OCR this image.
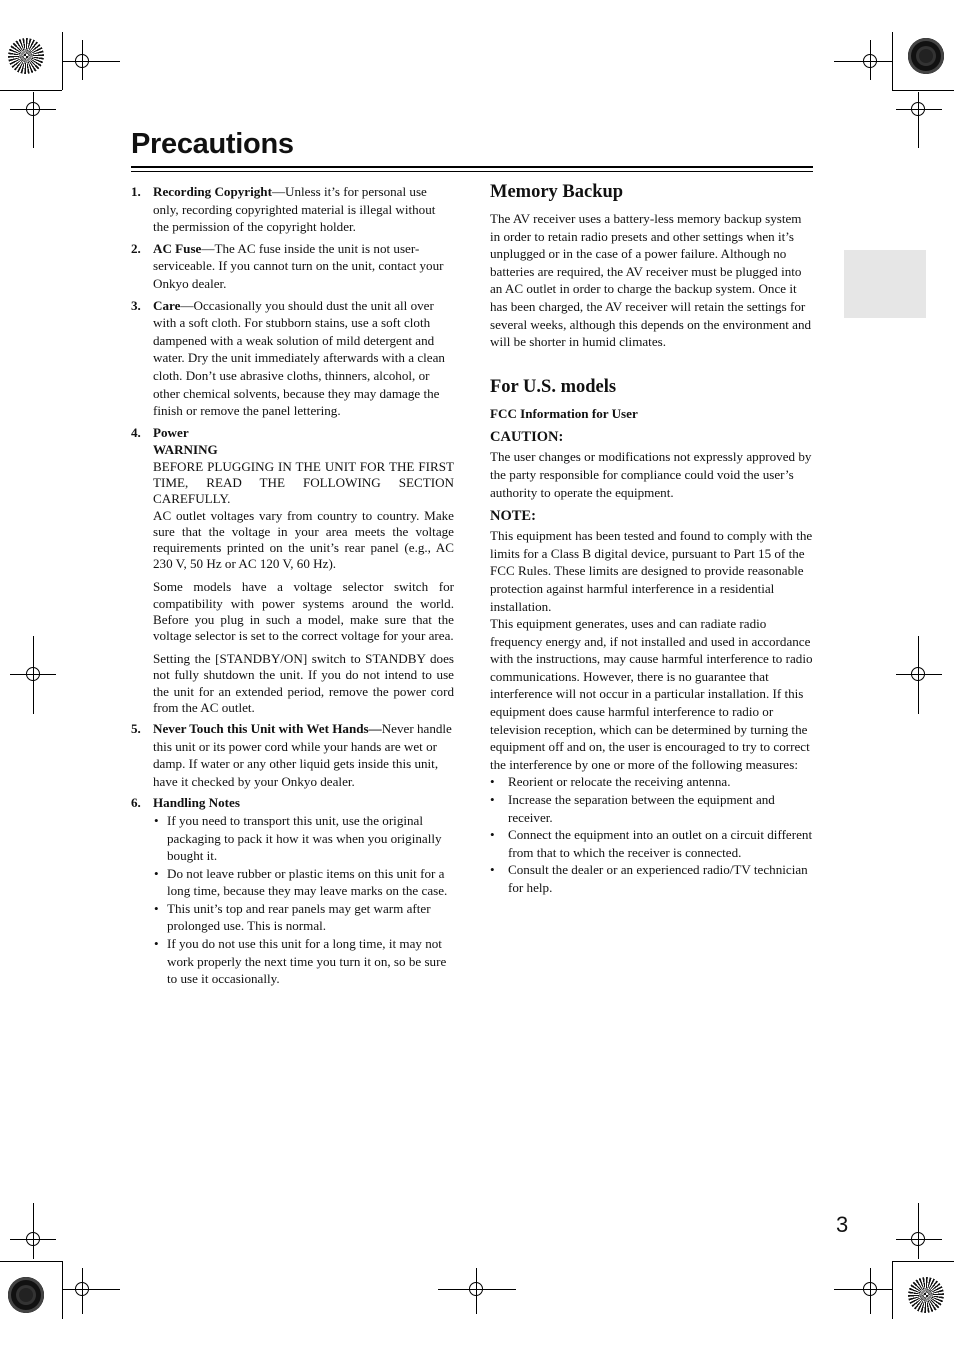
Precautions
1. Recording Copyright—Unless it’s for personal use only, recording copyrighted material is illegal without the permission of the copyright holder.
2. AC Fuse—The AC fuse inside the unit is not user-serviceable. If you cannot turn on the unit, contact your Onkyo dealer.
3. Care—Occasionally you should dust the unit all over with a soft cloth. For stubborn stains, use a soft cloth dampened with a weak solution of mild detergent and water. Dry the unit immediately afterwards with a clean cloth. Don’t use abrasive cloths, thinners, alcohol, or other chemical solvents, because they may damage the finish or remove the panel lettering.
4. Power
WARNING

BEFORE PLUGGING IN THE UNIT FOR THE FIRST TIME, READ THE FOLLOWING SECTION CAREFULLY.

AC outlet voltages vary from country to country. Make sure that the voltage in your area meets the voltage requirements printed on the unit’s rear panel (e.g., AC 230 V, 50 Hz or AC 120 V, 60 Hz).

Some models have a voltage selector switch for compatibility with power systems around the world. Before you plug in such a model, make sure that the voltage selector is set to the correct voltage for your area.

Setting the [STANDBY/ON] switch to STANDBY does not fully shutdown the unit. If you do not intend to use the unit for an extended period, remove the power cord from the AC outlet.

5. Never Touch this Unit with Wet Hands—Never handle this unit or its power cord while your hands are wet or damp. If water or any other liquid gets inside this unit, have it checked by your Onkyo dealer.
6. Handling Notes
• If you need to transport this unit, use the original packaging to pack it how it was when you originally bought it.
• Do not leave rubber or plastic items on this unit for a long time, because they may leave marks on the case.
• This unit’s top and rear panels may get warm after prolonged use. This is normal.
• If you do not use this unit for a long time, it may not work properly the next time you turn it on, so be sure to use it occasionally.
Memory Backup

The AV receiver uses a battery-less memory backup system in order to retain radio presets and other settings when it’s unplugged or in the case of a power failure. Although no batteries are required, the AV receiver must be plugged into an AC outlet in order to charge the backup system. Once it has been charged, the AV receiver will retain the settings for several weeks, although this depends on the environment and will be shorter in humid climates.

For U.S. models
FCC Information for User
CAUTION:

The user changes or modifications not expressly approved by the party responsible for compliance could void the user’s authority to operate the equipment.

NOTE:

This equipment has been tested and found to comply with the limits for a Class B digital device, pursuant to Part 15 of the FCC Rules. These limits are designed to provide reasonable protection against harmful interference in a residential installation.

This equipment generates, uses and can radiate radio frequency energy and, if not installed and used in accordance with the instructions, may cause harmful interference to radio communications. However, there is no guarantee that interference will not occur in a particular installation. If this equipment does cause harmful interference to radio or television reception, which can be determined by turning the equipment off and on, the user is encouraged to try to correct the interference by one or more of the following measures:

• Reorient or relocate the receiving antenna.
• Increase the separation between the equipment and receiver.
• Connect the equipment into an outlet on a circuit different from that to which the receiver is connected.
• Consult the dealer or an experienced radio/TV technician for help.
3
